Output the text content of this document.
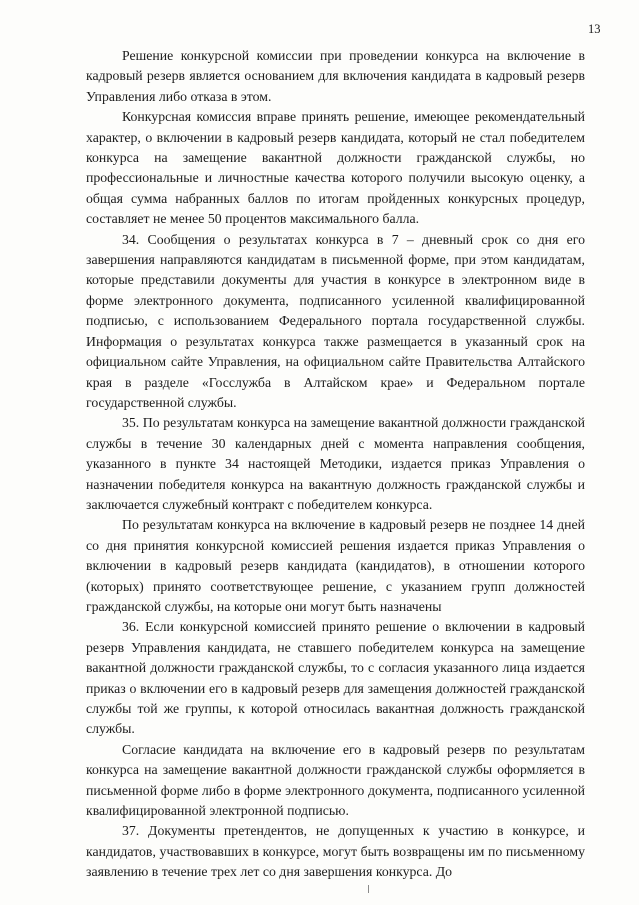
13

Решение конкурсной комиссии при проведении конкурса на включение в кадровый резерв является основанием для включения кандидата в кадровый резерв Управления либо отказа в этом.

Конкурсная комиссия вправе принять решение, имеющее рекомендательный характер, о включении в кадровый резерв кандидата, который не стал победителем конкурса на замещение вакантной должности гражданской службы, но профессиональные и личностные качества которого получили высокую оценку, а общая сумма набранных баллов по итогам пройденных конкурсных процедур, составляет не менее 50 процентов максимального балла.

34. Сообщения о результатах конкурса в 7 – дневный срок со дня его завершения направляются кандидатам в письменной форме, при этом кандидатам, которые представили документы для участия в конкурсе в электронном виде в форме электронного документа, подписанного усиленной квалифицированной подписью, с использованием Федерального портала государственной службы. Информация о результатах конкурса также размещается в указанный срок на официальном сайте Управления, на официальном сайте Правительства Алтайского края в разделе «Госслужба в Алтайском крае» и Федеральном портале государственной службы.

35. По результатам конкурса на замещение вакантной должности гражданской службы в течение 30 календарных дней с момента направления сообщения, указанного в пункте 34 настоящей Методики, издается приказ Управления о назначении победителя конкурса на вакантную должность гражданской службы и заключается служебный контракт с победителем конкурса.

По результатам конкурса на включение в кадровый резерв не позднее 14 дней со дня принятия конкурсной комиссией решения издается приказ Управления о включении в кадровый резерв кандидата (кандидатов), в отношении которого (которых) принято соответствующее решение, с указанием групп должностей гражданской службы, на которые они могут быть назначены

36. Если конкурсной комиссией принято решение о включении в кадровый резерв Управления кандидата, не ставшего победителем конкурса на замещение вакантной должности гражданской службы, то с согласия указанного лица издается приказ о включении его в кадровый резерв для замещения должностей гражданской службы той же группы, к которой относилась вакантная должность гражданской службы.

Согласие кандидата на включение его в кадровый резерв по результатам конкурса на замещение вакантной должности гражданской службы оформляется в письменной форме либо в форме электронного документа, подписанного усиленной квалифицированной электронной подписью.

37. Документы претендентов, не допущенных к участию в конкурсе, и кандидатов, участвовавших в конкурсе, могут быть возвращены им по письменному заявлению в течение трех лет со дня завершения конкурса. До
